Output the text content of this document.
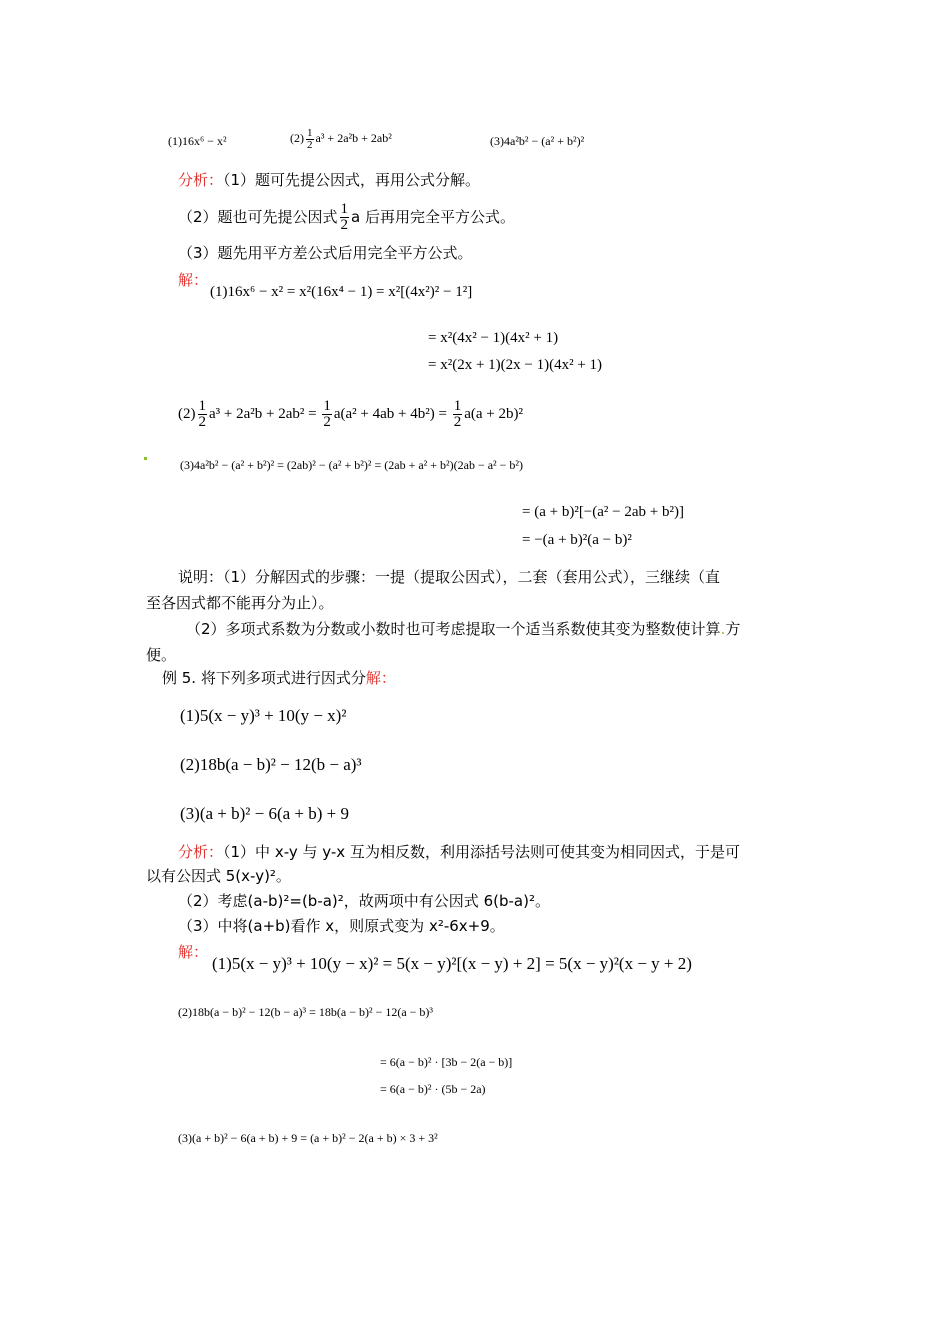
(1)16x⁶ − x²	$(2) \frac{1}{2} a^3 + 2a^2b + 2ab^2$	(3)4a²b² − (a² + b²)²
分析：（1）题可先提公因式，再用公式分解。
（2）题也可先提公因式 $\frac{1}{2}$ a 后再用完全平方公式。
（3）题先用平方差公式后用完全平方公式。
解：
(1)16x⁶ − x² = x²(16x⁴ − 1) = x²[(4x²)² − 1²]
= x²(4x² − 1)(4x² + 1)
= x²(2x + 1)(2x − 1)(4x² + 1)
$(2) \frac{1}{2} a^3 + 2a^2b + 2ab^2 = \frac{1}{2} a(a^2 + 4ab + 4b^2) = \frac{1}{2} a(a + 2b)^2$
(3)4a²b² − (a² + b²)² = (2ab)² − (a² + b²)² = (2ab + a² + b²)(2ab − a² − b²)
= (a + b)²[−(a² − 2ab + b²)]
= −(a + b)²(a − b)²
说明：（1）分解因式的步骤：一提（提取公因式），二套（套用公式），三继续（直
至各因式都不能再分为止）。
（2）多项式系数为分数或小数时也可考虑提取一个适当系数使其变为整数使计算.方
便。
例 5. 将下列多项式进行因式分解：
(1)5(x − y)³ + 10(y − x)²
(2)18b(a − b)² − 12(b − a)³
(3)(a + b)² − 6(a + b) + 9
分析：（1）中 x-y 与 y-x 互为相反数，利用添括号法则可使其变为相同因式，于是可
以有公因式 5(x-y)²。
（2）考虑(a-b)²=(b-a)²，故两项中有公因式 6(b-a)²。
（3）中将(a+b)看作 x，则原式变为 x²-6x+9。
解：
(1)5(x − y)³ + 10(y − x)² = 5(x − y)²[(x − y) + 2] = 5(x − y)²(x − y + 2)
(2)18b(a − b)² − 12(b − a)³ = 18b(a − b)² − 12(a − b)³
= 6(a − b)² · [3b − 2(a − b)]
= 6(a − b)² · (5b − 2a)
(3)(a + b)² − 6(a + b) + 9 = (a + b)² − 2(a + b) × 3 + 3²
